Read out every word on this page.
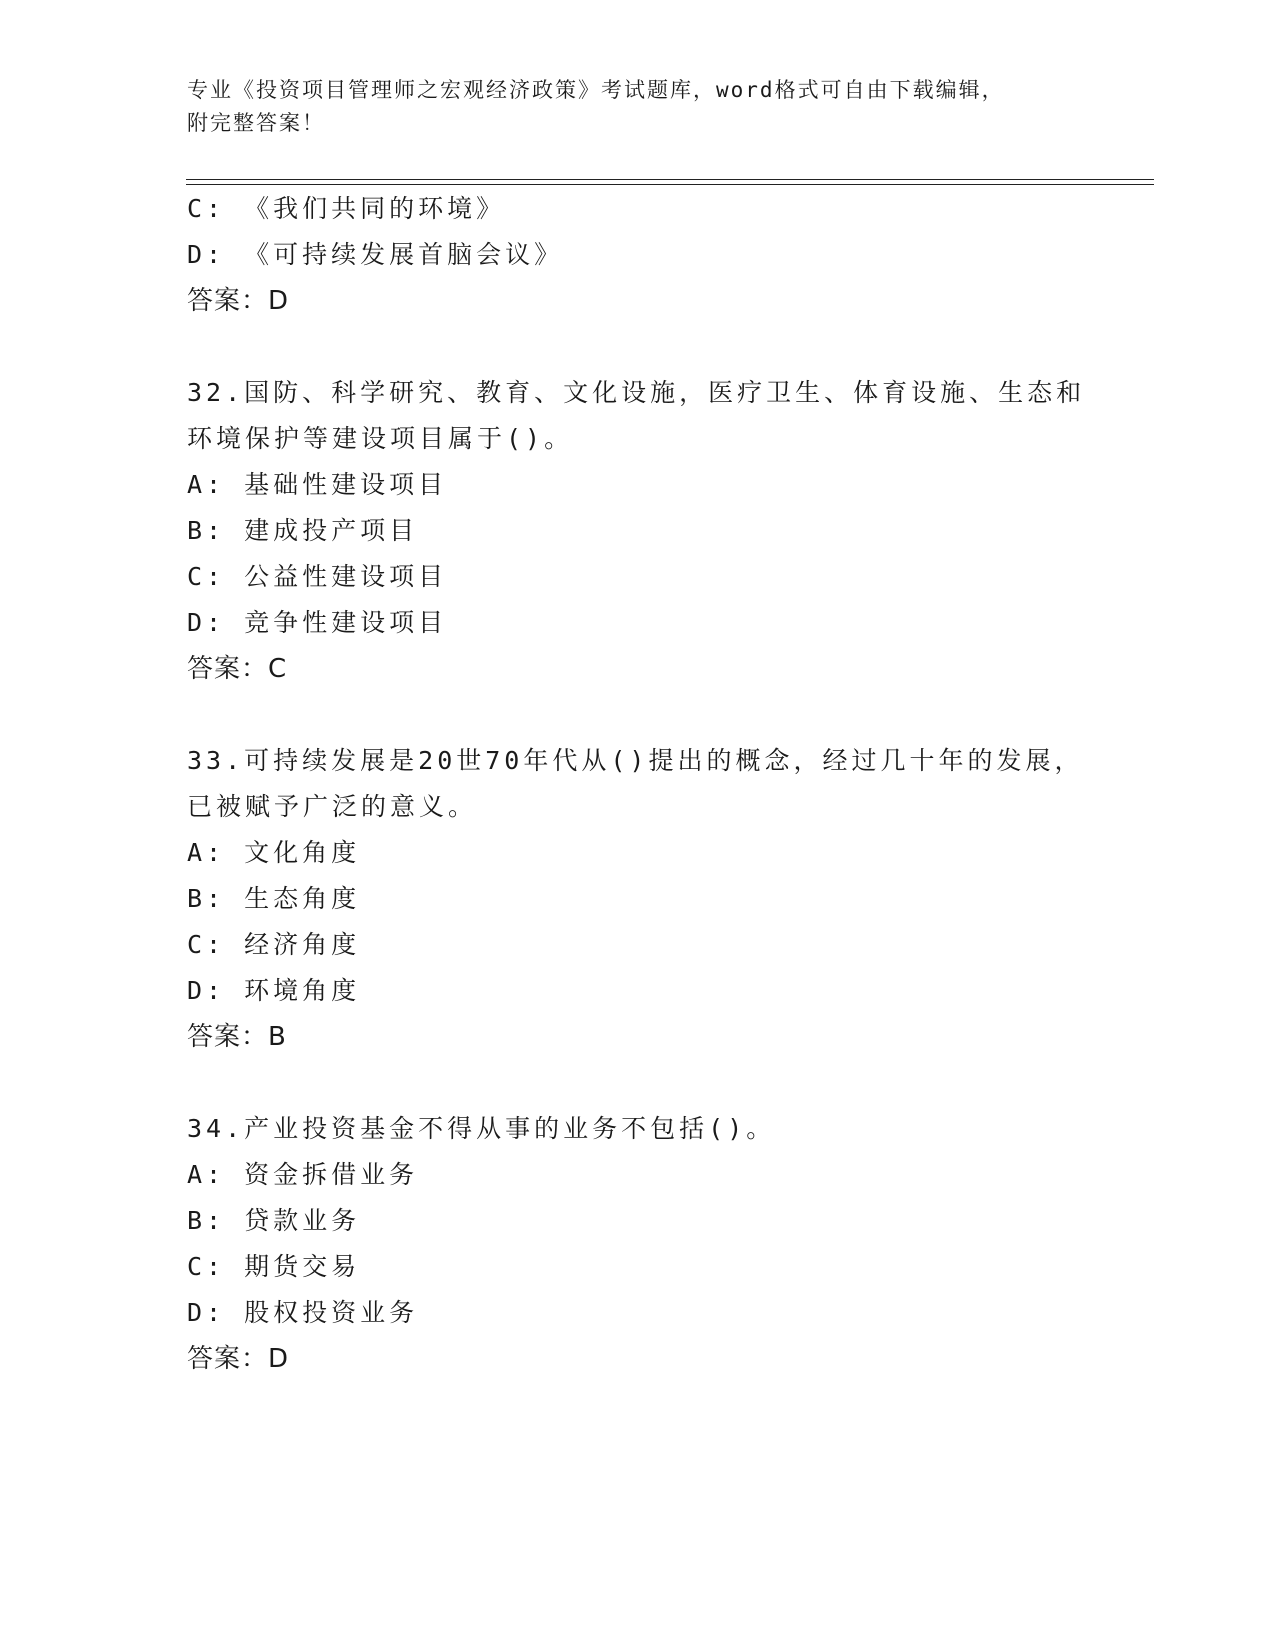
专业《投资项目管理师之宏观经济政策》考试题库，word格式可自由下载编辑，
附完整答案！
C: 《我们共同的环境》
D: 《可持续发展首脑会议》
答案：D
32.国防、科学研究、教育、文化设施，医疗卫生、体育设施、生态和
环境保护等建设项目属于()。
A: 基础性建设项目
B: 建成投产项目
C: 公益性建设项目
D: 竞争性建设项目
答案：C
33.可持续发展是20世70年代从()提出的概念，经过几十年的发展，
已被赋予广泛的意义。
A: 文化角度
B: 生态角度
C: 经济角度
D: 环境角度
答案：B
34.产业投资基金不得从事的业务不包括()。
A: 资金拆借业务
B: 贷款业务
C: 期货交易
D: 股权投资业务
答案：D
